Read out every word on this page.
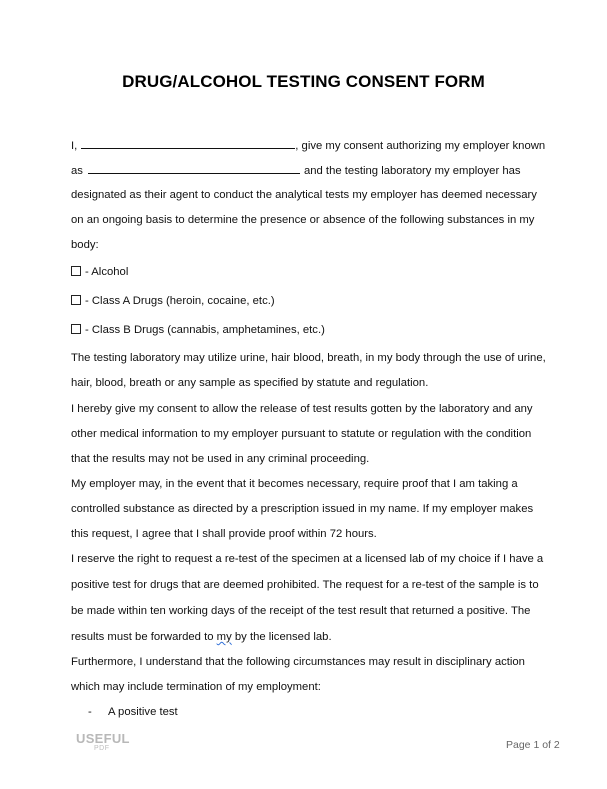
DRUG/ALCOHOL TESTING CONSENT FORM
I,	, give my consent authorizing my employer known
as	and the testing laboratory my employer has
designated as their agent to conduct the analytical tests my employer has deemed necessary
on an ongoing basis to determine the presence or absence of the following substances in my
body:
- Alcohol
- Class A Drugs (heroin, cocaine, etc.)
- Class B Drugs (cannabis, amphetamines, etc.)
The testing laboratory may utilize urine, hair blood, breath, in my body through the use of urine,
hair, blood, breath or any sample as specified by statute and regulation.
I hereby give my consent to allow the release of test results gotten by the laboratory and any
other medical information to my employer pursuant to statute or regulation with the condition
that the results may not be used in any criminal proceeding.
My employer may, in the event that it becomes necessary, require proof that I am taking a
controlled substance as directed by a prescription issued in my name. If my employer makes
this request, I agree that I shall provide proof within 72 hours.
I reserve the right to request a re-test of the specimen at a licensed lab of my choice if I have a
positive test for drugs that are deemed prohibited. The request for a re-test of the sample is to
be made within ten working days of the receipt of the test result that returned a positive. The
results must be forwarded to my by the licensed lab.
Furthermore, I understand that the following circumstances may result in disciplinary action
which may include termination of my employment:
- A positive test
USEFUL
PDF	Page 1 of 2
